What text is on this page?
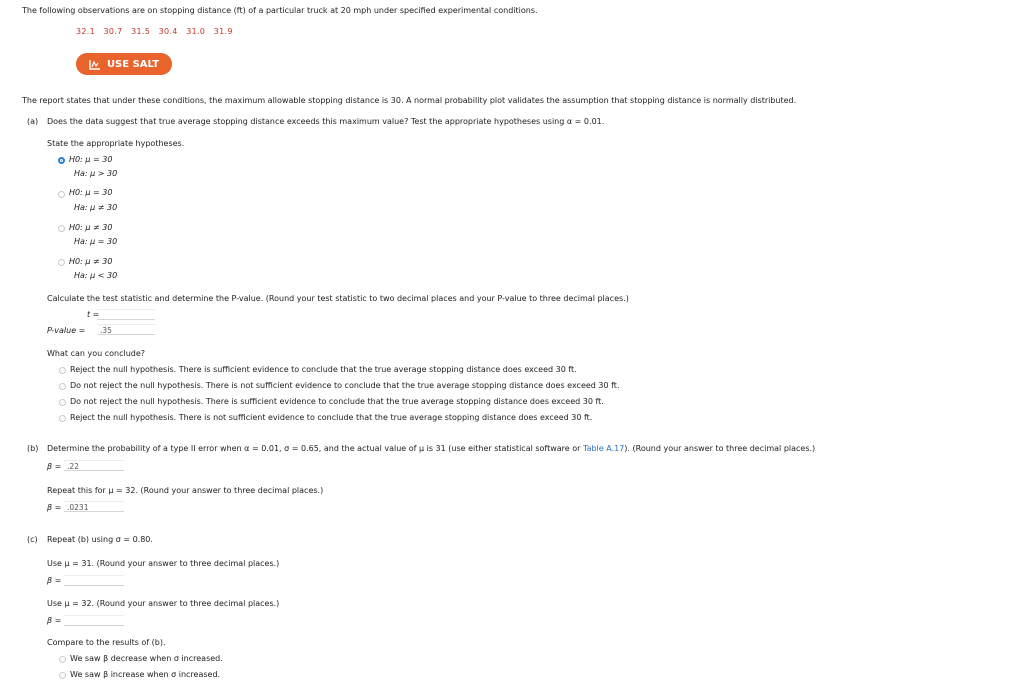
The following observations are on stopping distance (ft) of a particular truck at 20 mph under specified experimental conditions.
32.1 30.7 31.5 30.4 31.0 31.9
USE SALT
The report states that under these conditions, the maximum allowable stopping distance is 30. A normal probability plot validates the assumption that stopping distance is normally distributed.
(a) Does the data suggest that true average stopping distance exceeds this maximum value? Test the appropriate hypotheses using α = 0.01.
State the appropriate hypotheses.
H0: μ = 30
Ha: μ > 30
H0: μ = 30
Ha: μ ≠ 30
H0: μ ≠ 30
Ha: μ = 30
H0: μ ≠ 30
Ha: μ < 30
Calculate the test statistic and determine the P-value. (Round your test statistic to two decimal places and your P-value to three decimal places.)
t =
P-value =	.35
What can you conclude?
Reject the null hypothesis. There is sufficient evidence to conclude that the true average stopping distance does exceed 30 ft.
Do not reject the null hypothesis. There is not sufficient evidence to conclude that the true average stopping distance does exceed 30 ft.
Do not reject the null hypothesis. There is sufficient evidence to conclude that the true average stopping distance does exceed 30 ft.
Reject the null hypothesis. There is not sufficient evidence to conclude that the true average stopping distance does exceed 30 ft.
(b) Determine the probability of a type II error when α = 0.01, σ = 0.65, and the actual value of μ is 31 (use either statistical software or Table A.17). (Round your answer to three decimal places.)
β = .22
Repeat this for μ = 32. (Round your answer to three decimal places.)
β = .0231
(c) Repeat (b) using σ = 0.80.
Use μ = 31. (Round your answer to three decimal places.)
β =
Use μ = 32. (Round your answer to three decimal places.)
β =
Compare to the results of (b).
We saw β decrease when σ increased.
We saw β increase when σ increased.
